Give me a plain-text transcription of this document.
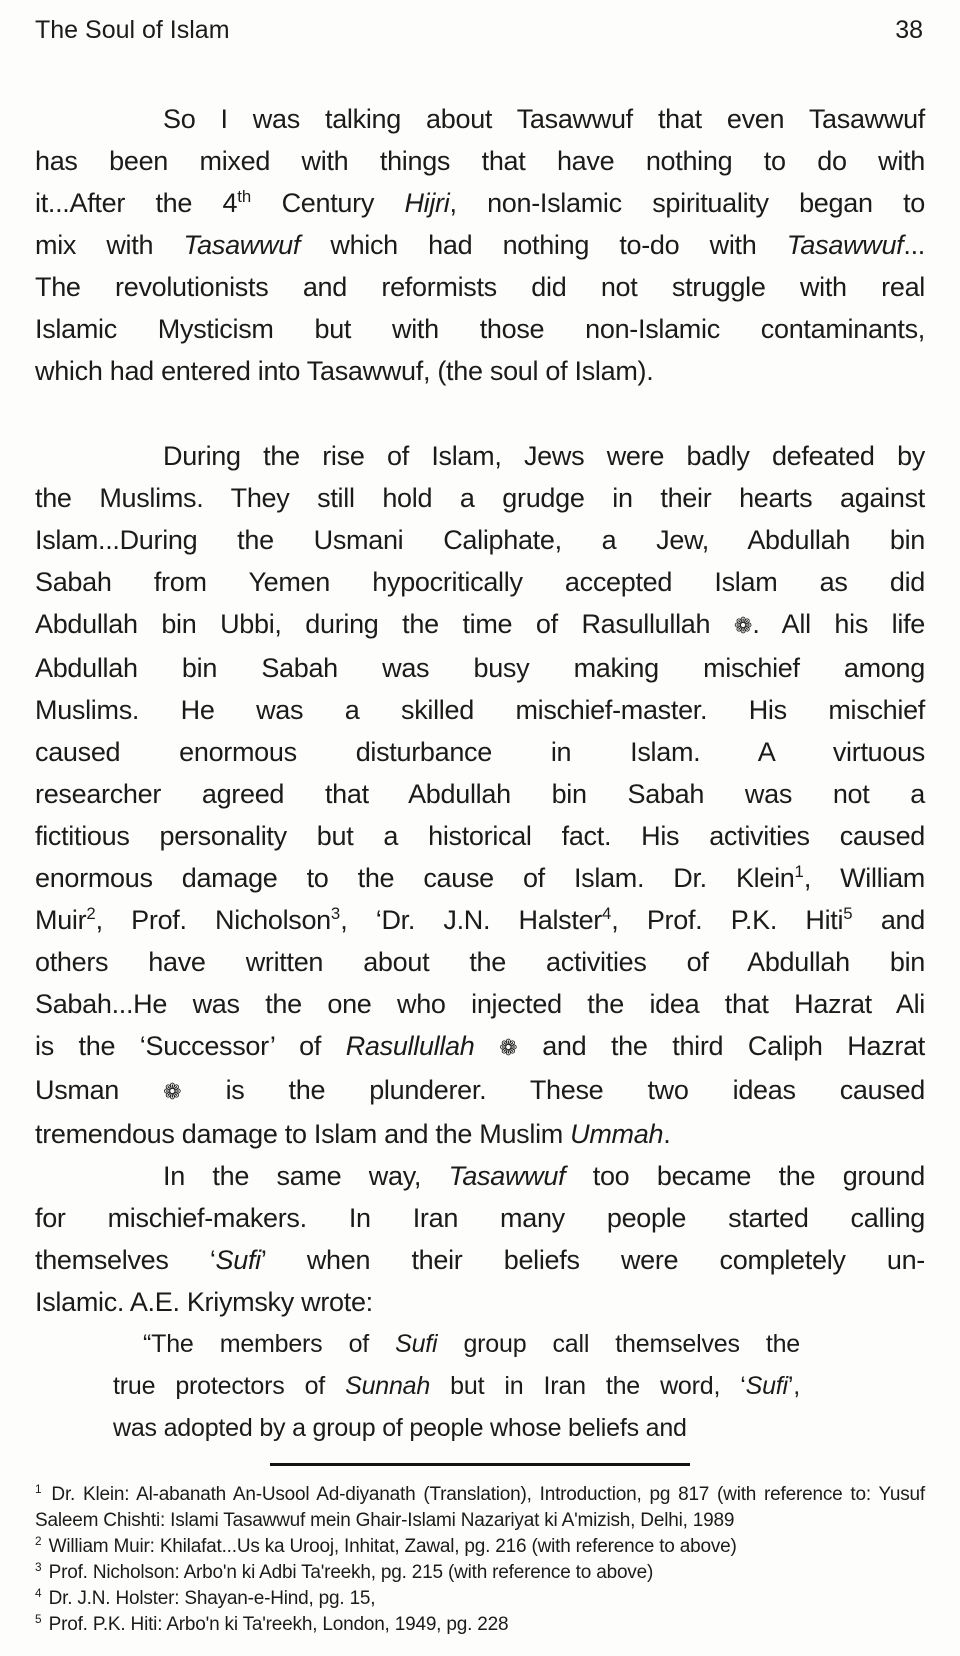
The Soul of Islam	38
So I was talking about Tasawwuf that even Tasawwuf
has been mixed with things that have nothing to do with
it...After the 4th Century Hijri, non-Islamic spirituality began to
mix with Tasawwuf which had nothing to-do with Tasawwuf...
The revolutionists and reformists did not struggle with real
Islamic Mysticism but with those non-Islamic contaminants,
which had entered into Tasawwuf, (the soul of Islam).
During the rise of Islam, Jews were badly defeated by
the Muslims. They still hold a grudge in their hearts against
Islam...During the Usmani Caliphate, a Jew, Abdullah bin
Sabah from Yemen hypocritically accepted Islam as did
Abdullah bin Ubbi, during the time of Rasullullah ❁. All his life
Abdullah bin Sabah was busy making mischief among
Muslims. He was a skilled mischief-master. His mischief
caused enormous disturbance in Islam. A virtuous
researcher agreed that Abdullah bin Sabah was not a
fictitious personality but a historical fact. His activities caused
enormous damage to the cause of Islam. Dr. Klein$^1$, William
Muir$^2$, Prof. Nicholson$^3$, ‘Dr. J.N. Halster$^4$, Prof. P.K. Hiti$^5$ and
others have written about the activities of Abdullah bin
Sabah...He was the one who injected the idea that Hazrat Ali
is the ‘Successor’ of Rasullullah ❁ and the third Caliph Hazrat
Usman ❁ is the plunderer. These two ideas caused
tremendous damage to Islam and the Muslim Ummah.
In the same way, Tasawwuf too became the ground
for mischief-makers. In Iran many people started calling
themselves ‘Sufi’ when their beliefs were completely un-
Islamic. A.E. Kriymsky wrote:
“The members of Sufi group call themselves the
true protectors of Sunnah but in Iran the word, ‘Sufi’,
was adopted by a group of people whose beliefs and
$^1$ Dr. Klein: Al-abanath An-Usool Ad-diyanath (Translation), Introduction, pg 817 (with reference to: Yusuf Saleem Chishti: Islami Tasawwuf mein Ghair-Islami Nazariyat ki A'mizish, Delhi, 1989
$^2$ William Muir: Khilafat...Us ka Urooj, Inhitat, Zawal, pg. 216 (with reference to above)
$^3$ Prof. Nicholson: Arbo'n ki Adbi Ta'reekh, pg. 215 (with reference to above)
$^4$ Dr. J.N. Holster: Shayan-e-Hind, pg. 15,
$^5$ Prof. P.K. Hiti: Arbo'n ki Ta'reekh, London, 1949, pg. 228
